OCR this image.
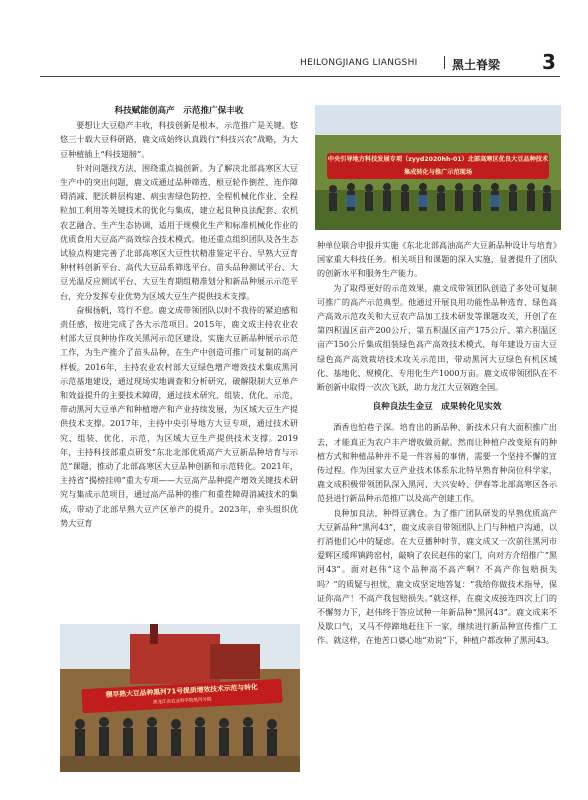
HEILONGJIANG LIANGSHI	黑土脊梁 3

科技赋能创高产　示范推广保丰收

要想让大豆稳产丰收，科技创新是根本，示范推广是关键。悠悠三十载大豆科研路，鹿文成始终认真践行“科技兴农”战略，为大豆种植插上“科技翅膀”。

针对问题找方法，围绕重点搞创新。为了解决北部高寒区大豆生产中的突出问题，鹿文成通过品种筛选、根豆轮作倒茬、连作障碍消减、肥沃耕层构建、病虫害绿色防控、全程机械化作业、全程粒加工利用等关键技术的优化与集成，建立起良种良法配套、农机农艺融合、生产生态协调，适用于规模化生产和标准机械化作业的优质食用大豆高产高效综合技术模式。他还重点组织团队及各生态试验点构建完善了北部高寒区大豆性状精准鉴定平台、早熟大豆育种材料创新平台、高代大豆品系筛选平台、苗头品种测试平台、大豆光温反应测试平台、大豆生育期组精准划分和新品种展示示范平台，充分发挥专业优势为区域大豆生产提供技术支撑。

奋楫扬帆，笃行不怠。鹿文成带领团队以时不我待的紧迫感和责任感，按进完成了各大示范项目。2015年，鹿文成主持农业农村部大豆良种协作攻关黑河示范区建设，实施大豆新品种展示示范工作，为生产推介了苗头品种，在生产中创造可推广可复制的高产样板。2016年，主持农业农村部大豆绿色增产增效技术集成黑河示范基地建设，通过现场实地调查和分析研究，破解限制大豆单产和效益提升的主要技术障碍，通过技术研究、组装、优化、示范，带动黑河大豆单产和种植增产和产业持续发展，为区域大豆生产提供技术支撑。2017年，主持中央引导地方大豆专项，通过技术研究、组装、优化、示范，为区域大豆生产提供技术支撑。2019年，主持科技部重点研发“东北北部优质高产大豆新品种培育与示范”课题，推动了北部高寒区大豆品种创新和示范转化。2021年，主持省“揭榜挂帅”重大专项——大豆高产品种提产增效关键技术研究与集成示范项目，通过高产品种的推广和重茬障碍消减技术的集成，带动了北部早熟大豆产区单产的提升。2023年，牵头组织优势大豆育

种单位联合申报并实施《东北北部高油高产大豆新品种设计与培育》国家重大科技任务。相关项目和课题的深入实施，显著提升了团队的创新水平和服务生产能力。

为了取得更好的示范效果，鹿文成带领团队创造了多处可复制可推广的高产示范典型。他通过开展良用功能性品种选育、绿色高产高效示范攻关和大豆农产品加工技术研发等课题攻关，开创了在第四积温区亩产200公斤、第五积温区亩产175公斤、第六积温区亩产150公斤集成组装绿色高产高效技术模式，每年建设万亩大豆绿色高产高效栽培技术攻关示范田，带动黑河大豆绿色有机区域化、基地化、规模化、专用化生产1000万亩。鹿文成带领团队在不断创新中取得一次次飞跃，助力龙江大豆领跑全国。

良种良法生金豆　成果转化见实效

酒香也怕巷子深。培育出的新品种、新技术只有大面积推广出去，才能真正为农户丰产增收做贡献。然而让种植户改变原有的种植方式和种植品种并不是一件容易的事情，需要一个坚持不懈的宣传过程。作为国家大豆产业技术体系东北特早熟育种岗位科学家，鹿文成积极带领团队深入黑河、大兴安岭、伊春等北部高寒区各示范县进行新品种示范推广以及高产创建工作。

良种加良法，种得豆满仓。为了推广团队研发的早熟优质高产大豆新品种“黑河43”，鹿文成亲自带领团队上门与种植户沟通，以打消他们心中的疑虑。在大豆播种时节，鹿文成又一次前往黑河市爱辉区瑷珲镇跨窑村，敲响了农民赵伟的家门，向对方介绍推广“黑河43”。面对赵伟“这个品种高不高产啊？不高产你包赔损失吗？”的质疑与担忧，鹿文成坚定地答复：“我给你做技术指导，保证你高产！不高产我包赔损失。”就这样，在鹿文成接连四次上门的不懈努力下，赵伟终于答应试种一年新品种“黑河43”。鹿文成来不及歇口气，又马不停蹄地赶往下一家，继续进行新品种宣传推广工作。就这样，在他苦口婆心地“劝说”下，种植户都改种了黑河43。

中央引导地方科技发展专项（zyyd2020hh-01）北部高寒区优良大豆品种技术集成转化与推广示范现场
稷早熟大豆品种黑河71号提质增效技术示范与转化
黑龙江省农业科学院黑河分院
